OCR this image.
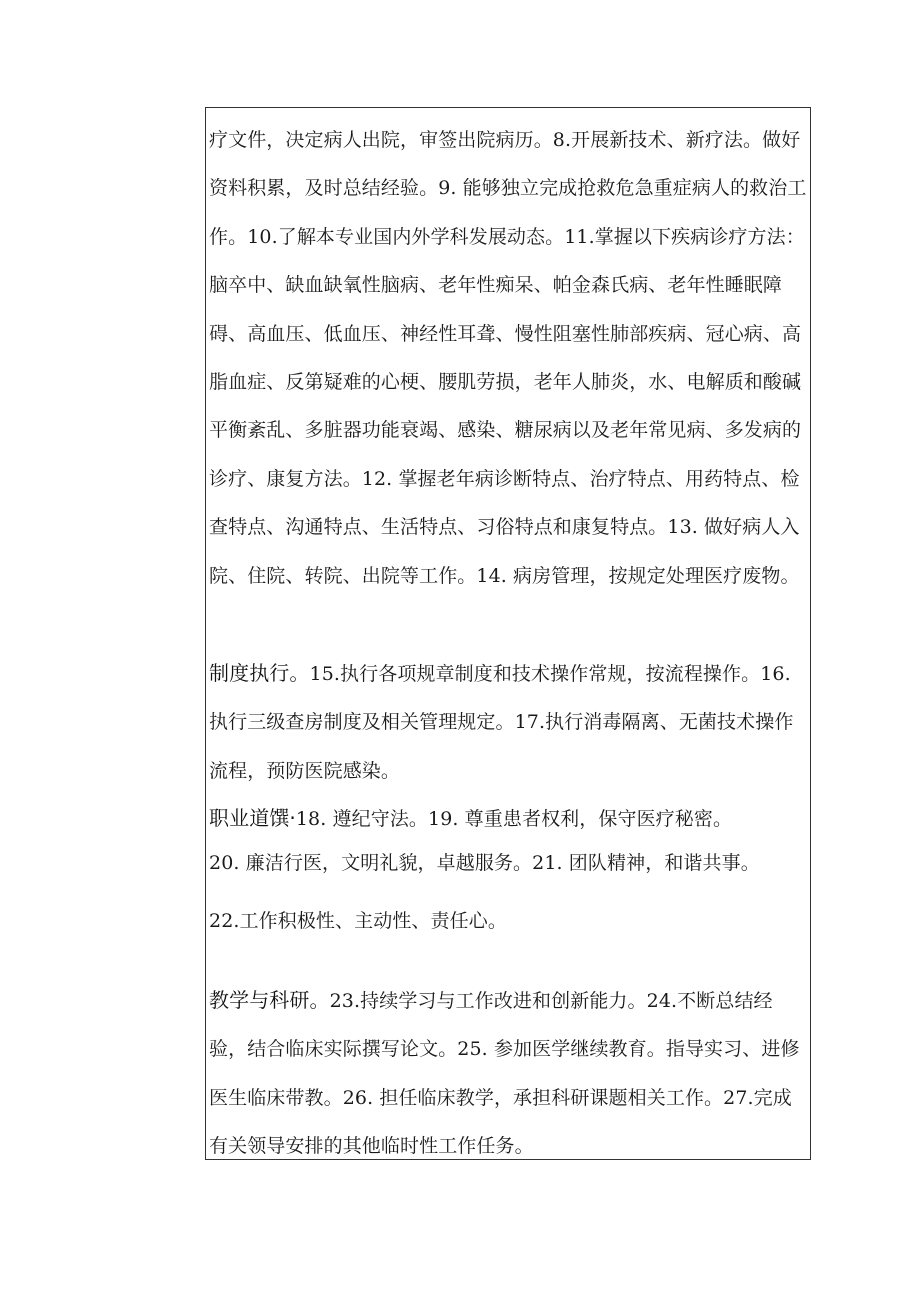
疗文件，决定病人出院，审签出院病历。8.开展新技术、新疗法。做好资料积累，及时总结经验。9. 能够独立完成抢救危急重症病人的救治工作。10.了解本专业国内外学科发展动态。11.掌握以下疾病诊疗方法：脑卒中、缺血缺氧性脑病、老年性痴呆、帕金森氏病、老年性睡眠障碍、高血压、低血压、神经性耳聋、慢性阻塞性肺部疾病、冠心病、高脂血症、反第疑难的心梗、腰肌劳损，老年人肺炎，水、电解质和酸碱平衡紊乱、多脏器功能衰竭、感染、糖尿病以及老年常见病、多发病的诊疗、康复方法。12. 掌握老年病诊断特点、治疗特点、用药特点、检查特点、沟通特点、生活特点、习俗特点和康复特点。13. 做好病人入院、住院、转院、出院等工作。14. 病房管理，按规定处理医疗废物。

制度执行。15.执行各项规章制度和技术操作常规，按流程操作。16. 执行三级查房制度及相关管理规定。17.执行消毒隔离、无菌技术操作流程，预防医院感染。

职业道馔·18. 遵纪守法。19. 尊重患者权利，保守医疗秘密。

20. 廉洁行医，文明礼貌，卓越服务。21. 团队精神，和谐共事。

22.工作积极性、主动性、责任心。

教学与科研。23.持续学习与工作改进和创新能力。24.不断总结经验，结合临床实际撰写论文。25. 参加医学继续教育。指导实习、进修医生临床带教。26. 担任临床教学，承担科研课题相关工作。27.完成有关领导安排的其他临时性工作任务。
